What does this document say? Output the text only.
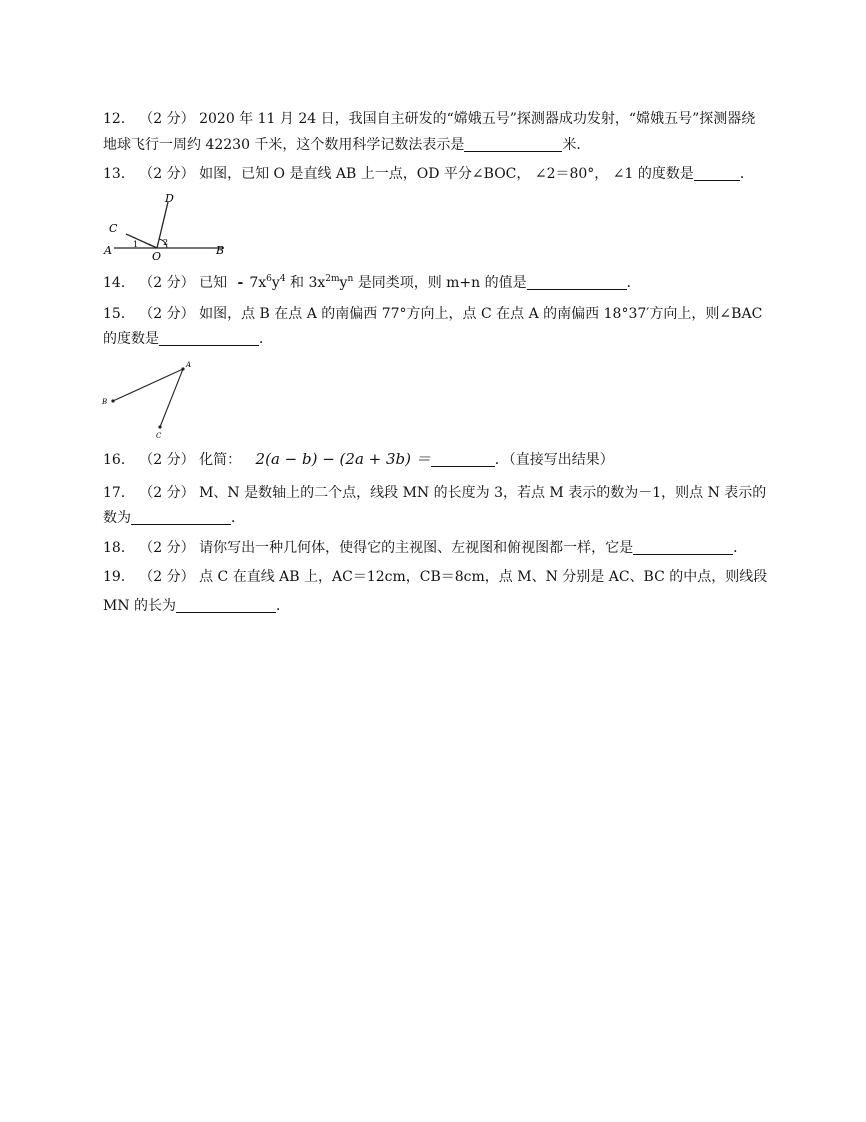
12． （2 分） 2020 年 11 月 24 日，我国自主研发的“嫦娥五号”探测器成功发射，“嫦娥五号”探测器绕
地球飞行一周约 42230 千米，这个数用科学记数法表示是	米．
13． （2 分） 如图，已知 O 是直线 AB 上一点，OD 平分∠BOC， ∠2＝80°， ∠1 的度数是	．
A	B
C
D
O
1	2
14． （2 分） 已知 - $7x^6y^4$ 和 $3x^{2m}y^n$ 是同类项，则 m+n 的值是	．
15． （2 分） 如图，点 B 在点 A 的南偏西 77°方向上，点 C 在点 A 的南偏西 18°37′方向上，则∠BAC
的度数是	．
A
B
C
16． （2 分） 化简： 2(a − b) − (2a + 3b) ＝	．（直接写出结果）
17． （2 分） M、N 是数轴上的二个点，线段 MN 的长度为 3，若点 M 表示的数为－1，则点 N 表示的
数为	．
18． （2 分） 请你写出一种几何体，使得它的主视图、左视图和俯视图都一样，它是	．
19． （2 分） 点 C 在直线 AB 上，AC＝12cm，CB＝8cm，点 M、N 分别是 AC、BC 的中点，则线段
MN 的长为	．
